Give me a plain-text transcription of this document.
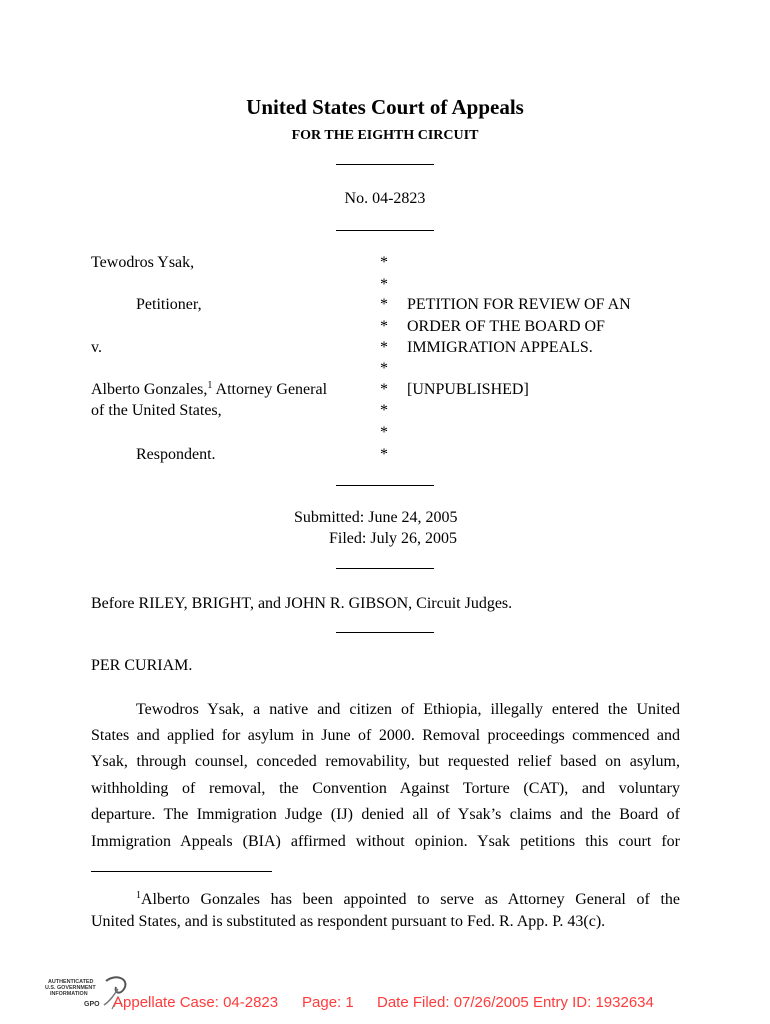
United States Court of Appeals
FOR THE EIGHTH CIRCUIT
No. 04-2823
Tewodros Ysak,
Petitioner,
v.
Alberto Gonzales,$^1$ Attorney General
of the United States,
Respondent.
*
*
*
*
*
*
*
*
*
*
PETITION FOR REVIEW OF AN
ORDER OF THE BOARD OF
IMMIGRATION APPEALS.
[UNPUBLISHED]
Submitted: June 24, 2005
Filed: July 26, 2005
Before RILEY, BRIGHT, and JOHN R. GIBSON, Circuit Judges.
PER CURIAM.
Tewodros Ysak, a native and citizen of Ethiopia, illegally entered the United
States and applied for asylum in June of 2000. Removal proceedings commenced and
Ysak, through counsel, conceded removability, but requested relief based on asylum,
withholding of removal, the Convention Against Torture (CAT), and voluntary
departure. The Immigration Judge (IJ) denied all of Ysak’s claims and the Board of
Immigration Appeals (BIA) affirmed without opinion. Ysak petitions this court for
$^1$Alberto Gonzales has been appointed to serve as Attorney General of the
United States, and is substituted as respondent pursuant to Fed. R. App. P. 43(c).
AUTHENTICATED
U.S. GOVERNMENT
INFORMATION
GPO Appellate Case: 04-2823 Page: 1 Date Filed: 07/26/2005 Entry ID: 1932634
